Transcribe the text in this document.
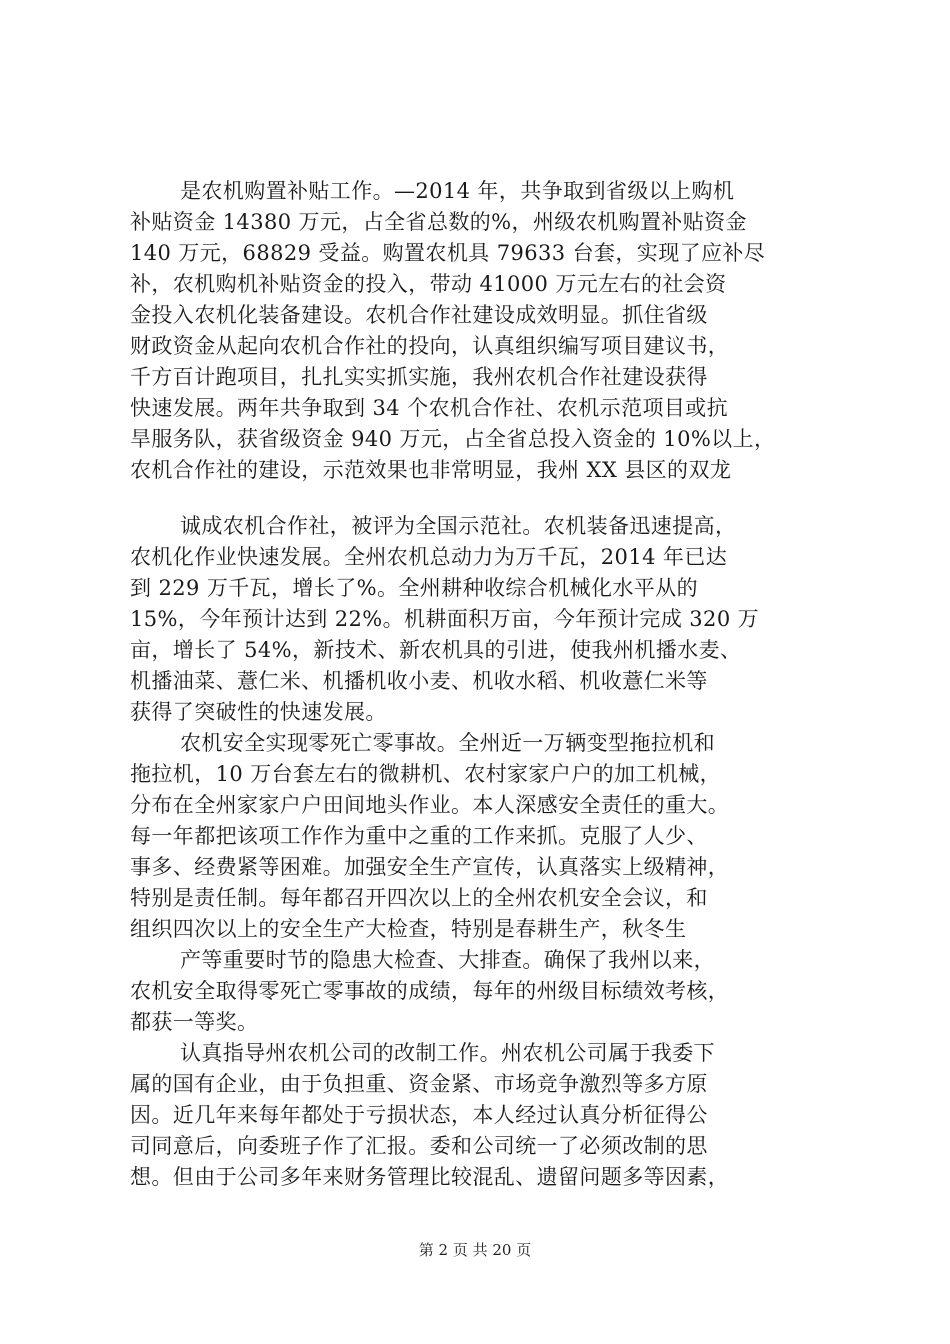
是农机购置补贴工作。—2014 年，共争取到省级以上购机
补贴资金 14380 万元，占全省总数的%，州级农机购置补贴资金
140 万元，68829 受益。购置农机具 79633 台套，实现了应补尽
补，农机购机补贴资金的投入，带动 41000 万元左右的社会资
金投入农机化装备建设。农机合作社建设成效明显。抓住省级
财政资金从起向农机合作社的投向，认真组织编写项目建议书，
千方百计跑项目，扎扎实实抓实施，我州农机合作社建设获得
快速发展。两年共争取到 34 个农机合作社、农机示范项目或抗
旱服务队，获省级资金 940 万元，占全省总投入资金的 10%以上，
农机合作社的建设，示范效果也非常明显，我州 XX 县区的双龙
诚成农机合作社，被评为全国示范社。农机装备迅速提高，
农机化作业快速发展。全州农机总动力为万千瓦，2014 年已达
到 229 万千瓦，增长了%。全州耕种收综合机械化水平从的
15%，今年预计达到 22%。机耕面积万亩，今年预计完成 320 万
亩，增长了 54%，新技术、新农机具的引进，使我州机播水麦、
机播油菜、薏仁米、机播机收小麦、机收水稻、机收薏仁米等
获得了突破性的快速发展。
农机安全实现零死亡零事故。全州近一万辆变型拖拉机和
拖拉机，10 万台套左右的微耕机、农村家家户户的加工机械，
分布在全州家家户户田间地头作业。本人深感安全责任的重大。
每一年都把该项工作作为重中之重的工作来抓。克服了人少、
事多、经费紧等困难。加强安全生产宣传，认真落实上级精神，
特别是责任制。每年都召开四次以上的全州农机安全会议，和
组织四次以上的安全生产大检查，特别是春耕生产，秋冬生
产等重要时节的隐患大检查、大排查。确保了我州以来，
农机安全取得零死亡零事故的成绩，每年的州级目标绩效考核，
都获一等奖。
认真指导州农机公司的改制工作。州农机公司属于我委下
属的国有企业，由于负担重、资金紧、市场竞争激烈等多方原
因。近几年来每年都处于亏损状态，本人经过认真分析征得公
司同意后，向委班子作了汇报。委和公司统一了必须改制的思
想。但由于公司多年来财务管理比较混乱、遗留问题多等因素，
第 2 页 共 20 页
